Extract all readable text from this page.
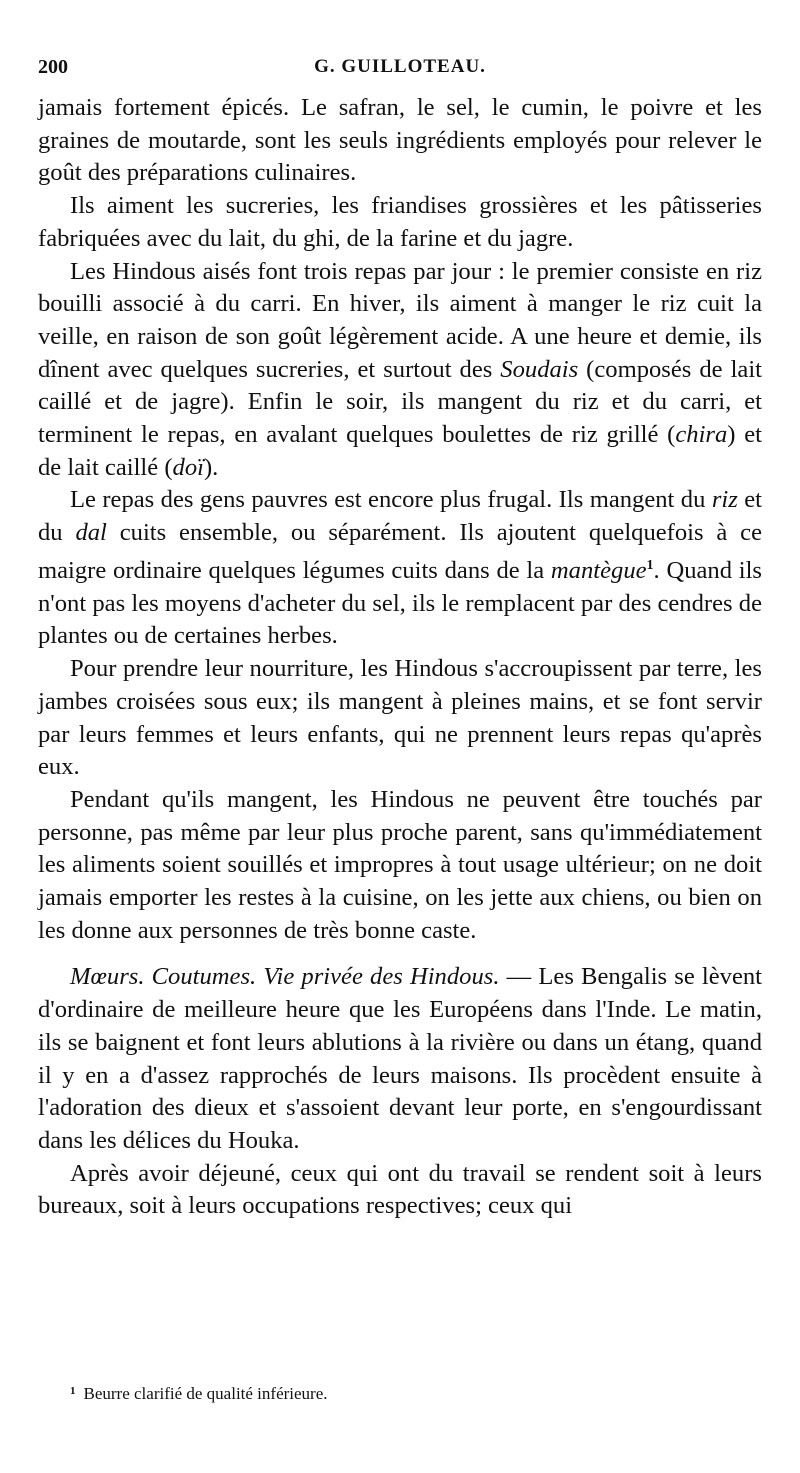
200	G. GUILLOTEAU.

jamais fortement épicés. Le safran, le sel, le cumin, le poivre et les graines de moutarde, sont les seuls ingrédients employés pour relever le goût des préparations culinaires.

Ils aiment les sucreries, les friandises grossières et les pâtisseries fabriquées avec du lait, du ghi, de la farine et du jagre.

Les Hindous aisés font trois repas par jour : le premier consiste en riz bouilli associé à du carri. En hiver, ils aiment à manger le riz cuit la veille, en raison de son goût légèrement acide. A une heure et demie, ils dînent avec quelques sucreries, et surtout des Soudais (composés de lait caillé et de jagre). Enfin le soir, ils mangent du riz et du carri, et terminent le repas, en avalant quelques boulettes de riz grillé (chira) et de lait caillé (doï).

Le repas des gens pauvres est encore plus frugal. Ils mangent du riz et du dal cuits ensemble, ou séparément. Ils ajoutent quelquefois à ce maigre ordinaire quelques légumes cuits dans de la mantègue$^1$. Quand ils n'ont pas les moyens d'acheter du sel, ils le remplacent par des cendres de plantes ou de certaines herbes.

Pour prendre leur nourriture, les Hindous s'accroupissent par terre, les jambes croisées sous eux; ils mangent à pleines mains, et se font servir par leurs femmes et leurs enfants, qui ne prennent leurs repas qu'après eux.

Pendant qu'ils mangent, les Hindous ne peuvent être touchés par personne, pas même par leur plus proche parent, sans qu'immédiatement les aliments soient souillés et impropres à tout usage ultérieur; on ne doit jamais emporter les restes à la cuisine, on les jette aux chiens, ou bien on les donne aux personnes de très bonne caste.

Mœurs. Coutumes. Vie privée des Hindous. — Les Bengalis se lèvent d'ordinaire de meilleure heure que les Européens dans l'Inde. Le matin, ils se baignent et font leurs ablutions à la rivière ou dans un étang, quand il y en a d'assez rapprochés de leurs maisons. Ils procèdent ensuite à l'adoration des dieux et s'assoient devant leur porte, en s'engourdissant dans les délices du Houka.

Après avoir déjeuné, ceux qui ont du travail se rendent soit à leurs bureaux, soit à leurs occupations respectives; ceux qui

$^1$ Beurre clarifié de qualité inférieure.
